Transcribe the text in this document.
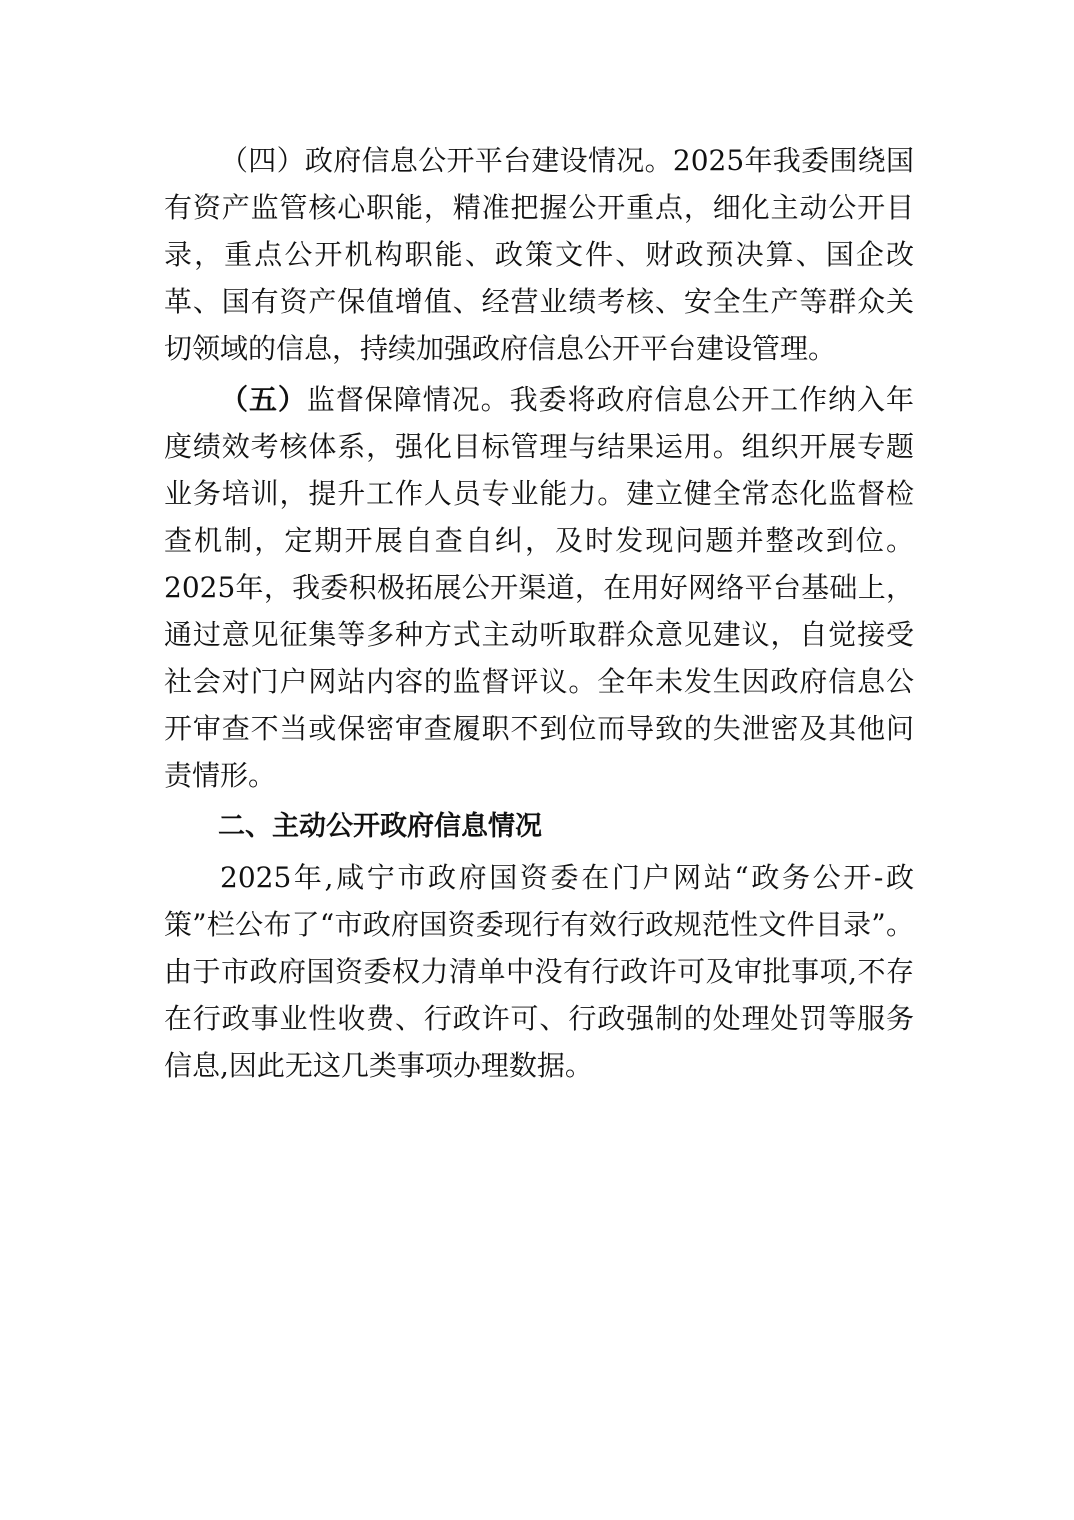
（四）政府信息公开平台建设情况。2025年我委围绕国有资产监管核心职能，精准把握公开重点，细化主动公开目录，重点公开机构职能、政策文件、财政预决算、国企改革、国有资产保值增值、经营业绩考核、安全生产等群众关切领域的信息，持续加强政府信息公开平台建设管理。

（五）监督保障情况。我委将政府信息公开工作纳入年度绩效考核体系，强化目标管理与结果运用。组织开展专题业务培训，提升工作人员专业能力。建立健全常态化监督检查机制，定期开展自查自纠，及时发现问题并整改到位。2025年，我委积极拓展公开渠道，在用好网络平台基础上，通过意见征集等多种方式主动听取群众意见建议，自觉接受社会对门户网站内容的监督评议。全年未发生因政府信息公开审查不当或保密审查履职不到位而导致的失泄密及其他问责情形。

二、主动公开政府信息情况

2025年,咸宁市政府国资委在门户网站“政务公开-政策”栏公布了“市政府国资委现行有效行政规范性文件目录”。由于市政府国资委权力清单中没有行政许可及审批事项,不存在行政事业性收费、行政许可、行政强制的处理处罚等服务信息,因此无这几类事项办理数据。
